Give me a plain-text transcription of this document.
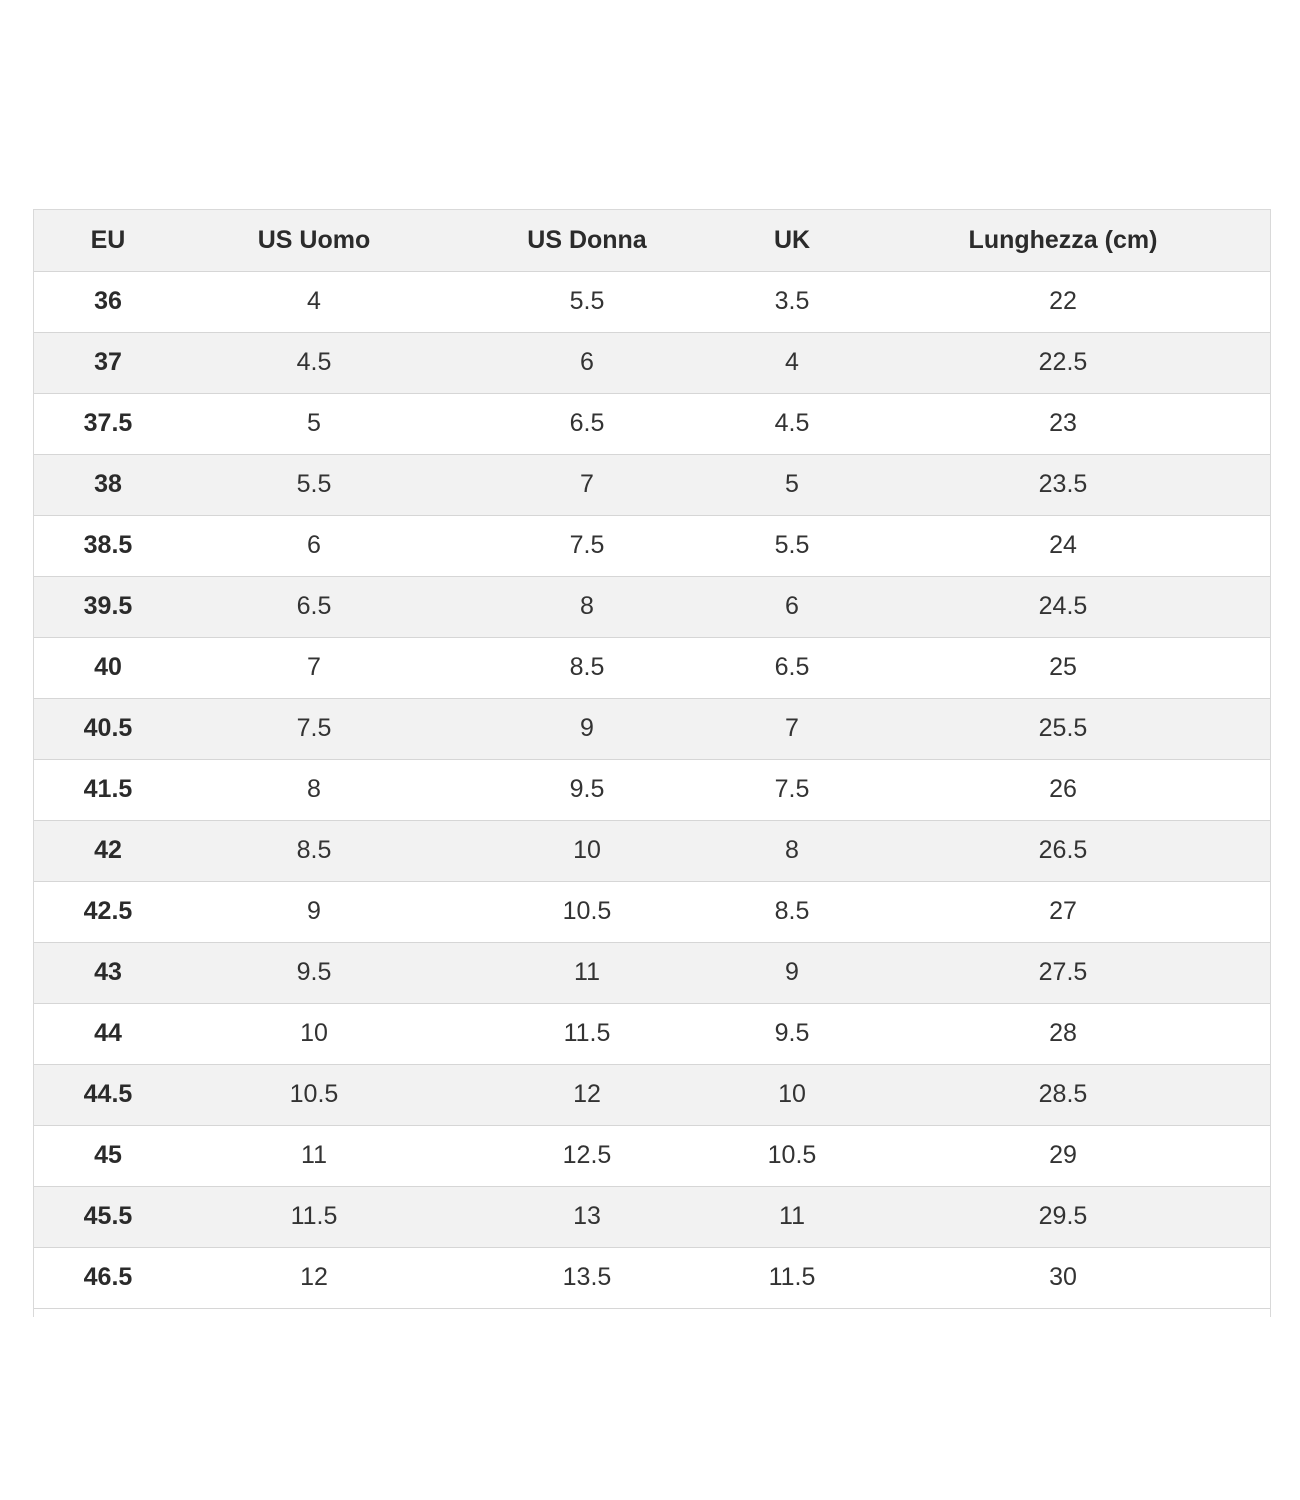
EU	US Uomo	US Donna	UK	Lunghezza (cm)
36	4	5.5	3.5	22
37	4.5	6	4	22.5
37.5	5	6.5	4.5	23
38	5.5	7	5	23.5
38.5	6	7.5	5.5	24
39.5	6.5	8	6	24.5
40	7	8.5	6.5	25
40.5	7.5	9	7	25.5
41.5	8	9.5	7.5	26
42	8.5	10	8	26.5
42.5	9	10.5	8.5	27
43	9.5	11	9	27.5
44	10	11.5	9.5	28
44.5	10.5	12	10	28.5
45	11	12.5	10.5	29
45.5	11.5	13	11	29.5
46.5	12	13.5	11.5	30
